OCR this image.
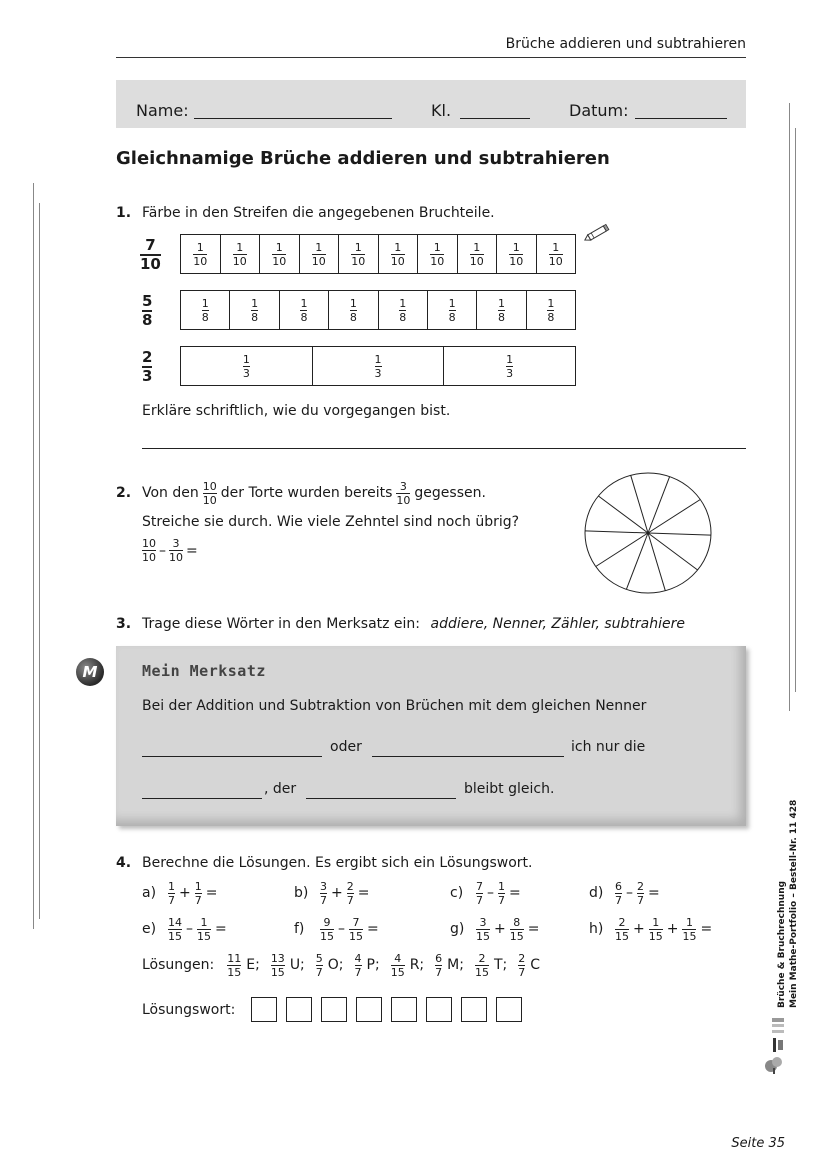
Brüche addieren und subtrahieren
Name:	Kl.	Datum:
Gleichnamige Brüche addieren und subtrahieren
1. Färbe in den Streifen die angegebenen Bruchteile.
7
10	$\frac{1}{10} \frac{1}{10} \frac{1}{10} \frac{1}{10} \frac{1}{10} \frac{1}{10} \frac{1}{10} \frac{1}{10} \frac{1}{10} \frac{1}{10}$
5
8	$\frac{1}{8}$	$\frac{1}{8}$	$\frac{1}{8}$	$\frac{1}{8}$	$\frac{1}{8}$	$\frac{1}{8}$	$\frac{1}{8}$	$\frac{1}{8}$
2
3	$\frac{1}{3}$	$\frac{1}{3}$	$\frac{1}{3}$
Erkläre schriftlich, wie du vorgegangen bist.
2. Von den $\frac{10}{10}$ der Torte wurden bereits $\frac{3}{10}$ gegessen.
Streiche sie durch. Wie viele Zehntel sind noch übrig?
$\frac{10}{10} - \frac{3}{10}$ =
3. Trage diese Wörter in den Merksatz ein: addiere, Nenner, Zähler, subtrahiere
M	Mein Merksatz
Bei der Addition und Subtraktion von Brüchen mit dem gleichen Nenner
oder	ich nur die
, der	bleibt gleich.
4. Berechne die Lösungen. Es ergibt sich ein Lösungswort.
a)	$\frac{1}{7} + \frac{1}{7}$ =	b)	$\frac{3}{7} + \frac{2}{7}$ =	c)	$\frac{7}{7} - \frac{1}{7}$ =	d)	$\frac{6}{7} - \frac{2}{7}$ =
e)	$\frac{14}{15} - \frac{1}{15}$ =	f)	$\frac{9}{15} - \frac{7}{15}$ =	g)	$\frac{3}{15} + \frac{8}{15}$ =	h)	$\frac{2}{15} + \frac{1}{15} + \frac{1}{15}$ =
Lösungen: $\frac{11}{15} E$; $\frac{13}{15} U$; $\frac{5}{7} O$; $\frac{4}{7} P$; $\frac{4}{15} R$; $\frac{6}{7} M$; $\frac{2}{15} T$; $\frac{2}{7}$ C
Lösungswort:
Brüche & Bruchrechnung Mein Mathe-Portfolio – Bestell-Nr. 11 428
Seite 35
